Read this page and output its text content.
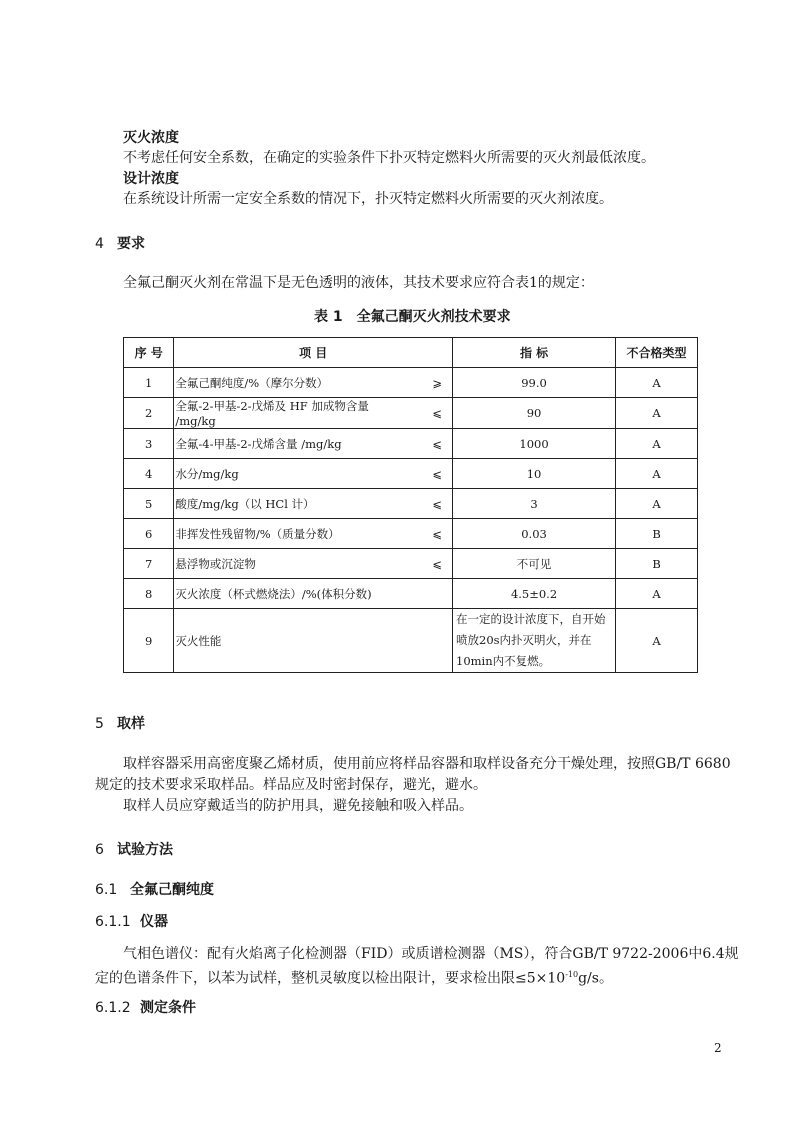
灭火浓度
不考虑任何安全系数，在确定的实验条件下扑灭特定燃料火所需要的灭火剂最低浓度。
设计浓度
在系统设计所需一定安全系数的情况下，扑灭特定燃料火所需要的灭火剂浓度。
4 要求
全氟己酮灭火剂在常温下是无色透明的液体，其技术要求应符合表1的规定：
表 1 全氟己酮灭火剂技术要求
序 号	项 目		指 标	不合格类型
1	全氟己酮纯度/%（摩尔分数）	⩾	99.0	A
2	全氟-2-甲基-2-戊烯及 HF 加成物含量 /mg/kg	⩽	90	A
3	全氟-4-甲基-2-戊烯含量 /mg/kg	⩽	1000	A
4	水分/mg/kg	⩽	10	A
5	酸度/mg/kg（以 HCl 计）	⩽	3	A
6	非挥发性残留物/%（质量分数）	⩽	0.03	B
7	悬浮物或沉淀物	⩽	不可见	B
8	灭火浓度（杯式燃烧法）/%(体积分数)		4.5±0.2	A
9	灭火性能		在一定的设计浓度下，自开始
喷放20s内扑灭明火，并在
10min内不复燃。	A
5 取样
取样容器采用高密度聚乙烯材质，使用前应将样品容器和取样设备充分干燥处理，按照GB/T 6680
规定的技术要求采取样品。样品应及时密封保存，避光，避水。
取样人员应穿戴适当的防护用具，避免接触和吸入样品。
6 试验方法
6.1 全氟己酮纯度
6.1.1 仪器
气相色谱仪：配有火焰离子化检测器（FID）或质谱检测器（MS），符合GB/T 9722-2006中6.4规
定的色谱条件下，以苯为试样，整机灵敏度以检出限计，要求检出限$\le 5\times 10^{-10}g/s$。
6.1.2 测定条件
2
